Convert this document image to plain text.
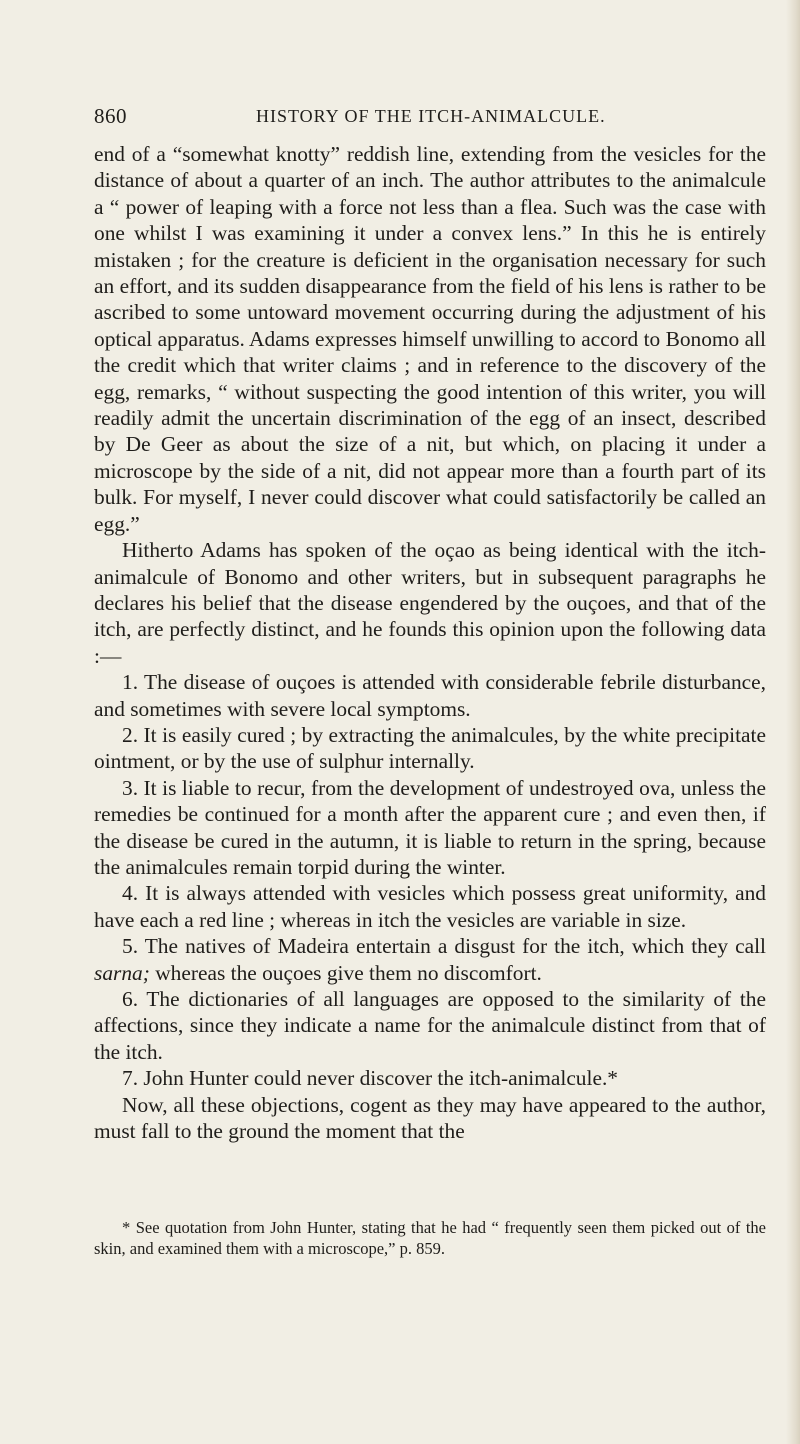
860	HISTORY OF THE ITCH-ANIMALCULE.

end of a “somewhat knotty” reddish line, extending from the vesicles for the distance of about a quarter of an inch. The author attributes to the animalcule a “ power of leaping with a force not less than a flea. Such was the case with one whilst I was examining it under a convex lens.” In this he is entirely mistaken ; for the creature is deficient in the organisation necessary for such an effort, and its sudden disappearance from the field of his lens is rather to be ascribed to some untoward movement occurring during the adjustment of his optical apparatus. Adams expresses himself unwilling to accord to Bonomo all the credit which that writer claims ; and in reference to the discovery of the egg, remarks, “ without suspecting the good intention of this writer, you will readily admit the uncertain discrimination of the egg of an insect, described by De Geer as about the size of a nit, but which, on placing it under a microscope by the side of a nit, did not appear more than a fourth part of its bulk. For myself, I never could discover what could satisfactorily be called an egg.”

Hitherto Adams has spoken of the oçao as being identical with the itch-animalcule of Bonomo and other writers, but in subsequent paragraphs he declares his belief that the disease engendered by the ouçoes, and that of the itch, are perfectly distinct, and he founds this opinion upon the following data :—

1. The disease of ouçoes is attended with considerable febrile disturbance, and sometimes with severe local symptoms.

2. It is easily cured ; by extracting the animalcules, by the white precipitate ointment, or by the use of sulphur internally.

3. It is liable to recur, from the development of undestroyed ova, unless the remedies be continued for a month after the apparent cure ; and even then, if the disease be cured in the autumn, it is liable to return in the spring, because the animalcules remain torpid during the winter.

4. It is always attended with vesicles which possess great uniformity, and have each a red line ; whereas in itch the vesicles are variable in size.

5. The natives of Madeira entertain a disgust for the itch, which they call sarna; whereas the ouçoes give them no discomfort.

6. The dictionaries of all languages are opposed to the similarity of the affections, since they indicate a name for the animalcule distinct from that of the itch.

7. John Hunter could never discover the itch-animalcule.*

Now, all these objections, cogent as they may have appeared to the author, must fall to the ground the moment that the

* See quotation from John Hunter, stating that he had “ frequently seen them picked out of the skin, and examined them with a microscope,” p. 859.
